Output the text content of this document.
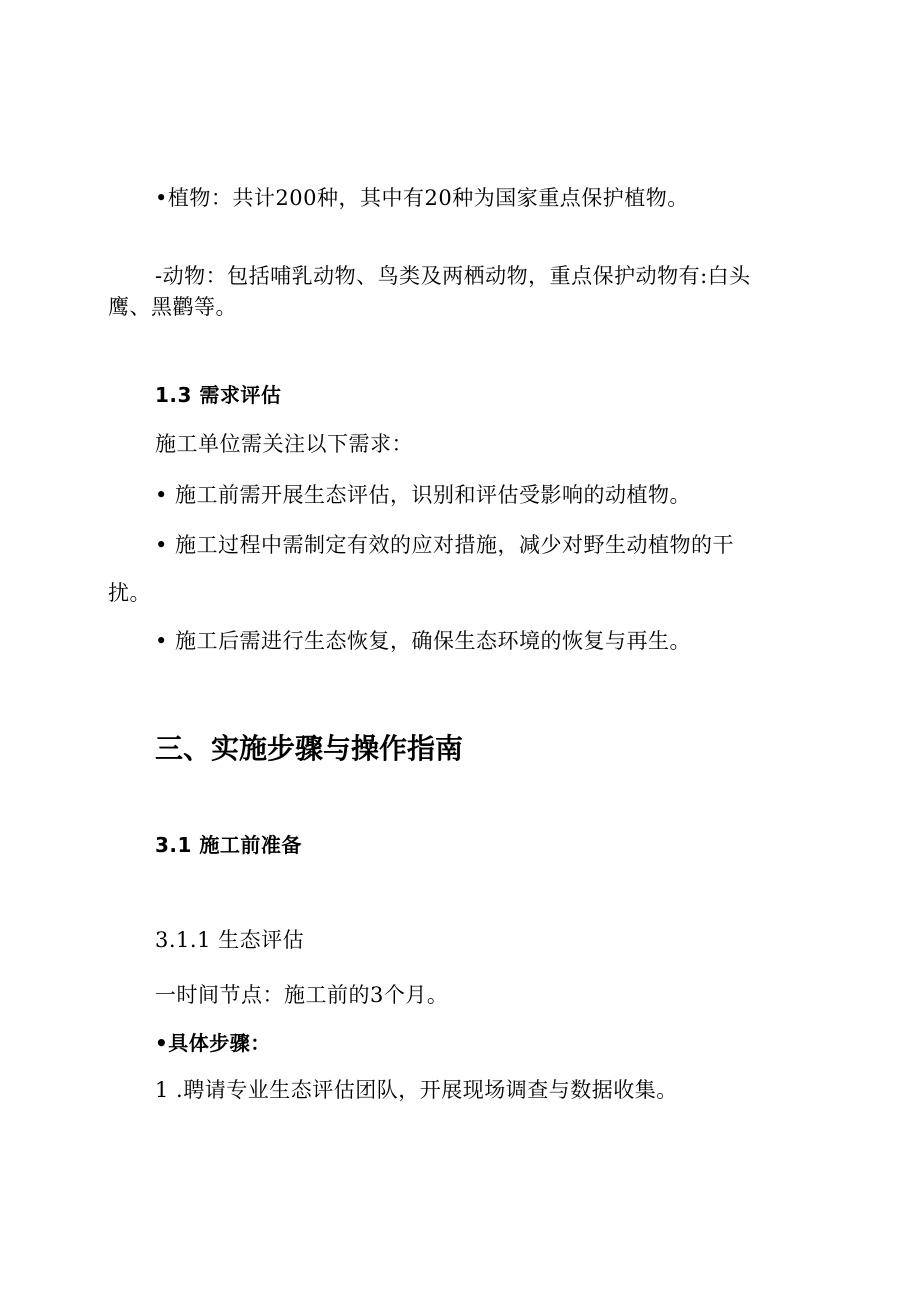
•植物：共计200种，其中有20种为国家重点保护植物。

-动物：包括哺乳动物、鸟类及两栖动物，重点保护动物有:白头

鹰、黑鹳等。

1.3 需求评估

施工单位需关注以下需求：

• 施工前需开展生态评估，识别和评估受影响的动植物。

• 施工过程中需制定有效的应对措施，减少对野生动植物的干

扰。

• 施工后需进行生态恢复，确保生态环境的恢复与再生。

三、实施步骤与操作指南

3.1 施工前准备

3.1.1 生态评估

一时间节点：施工前的3个月。

•具体步骤：

1 .聘请专业生态评估团队，开展现场调查与数据收集。
